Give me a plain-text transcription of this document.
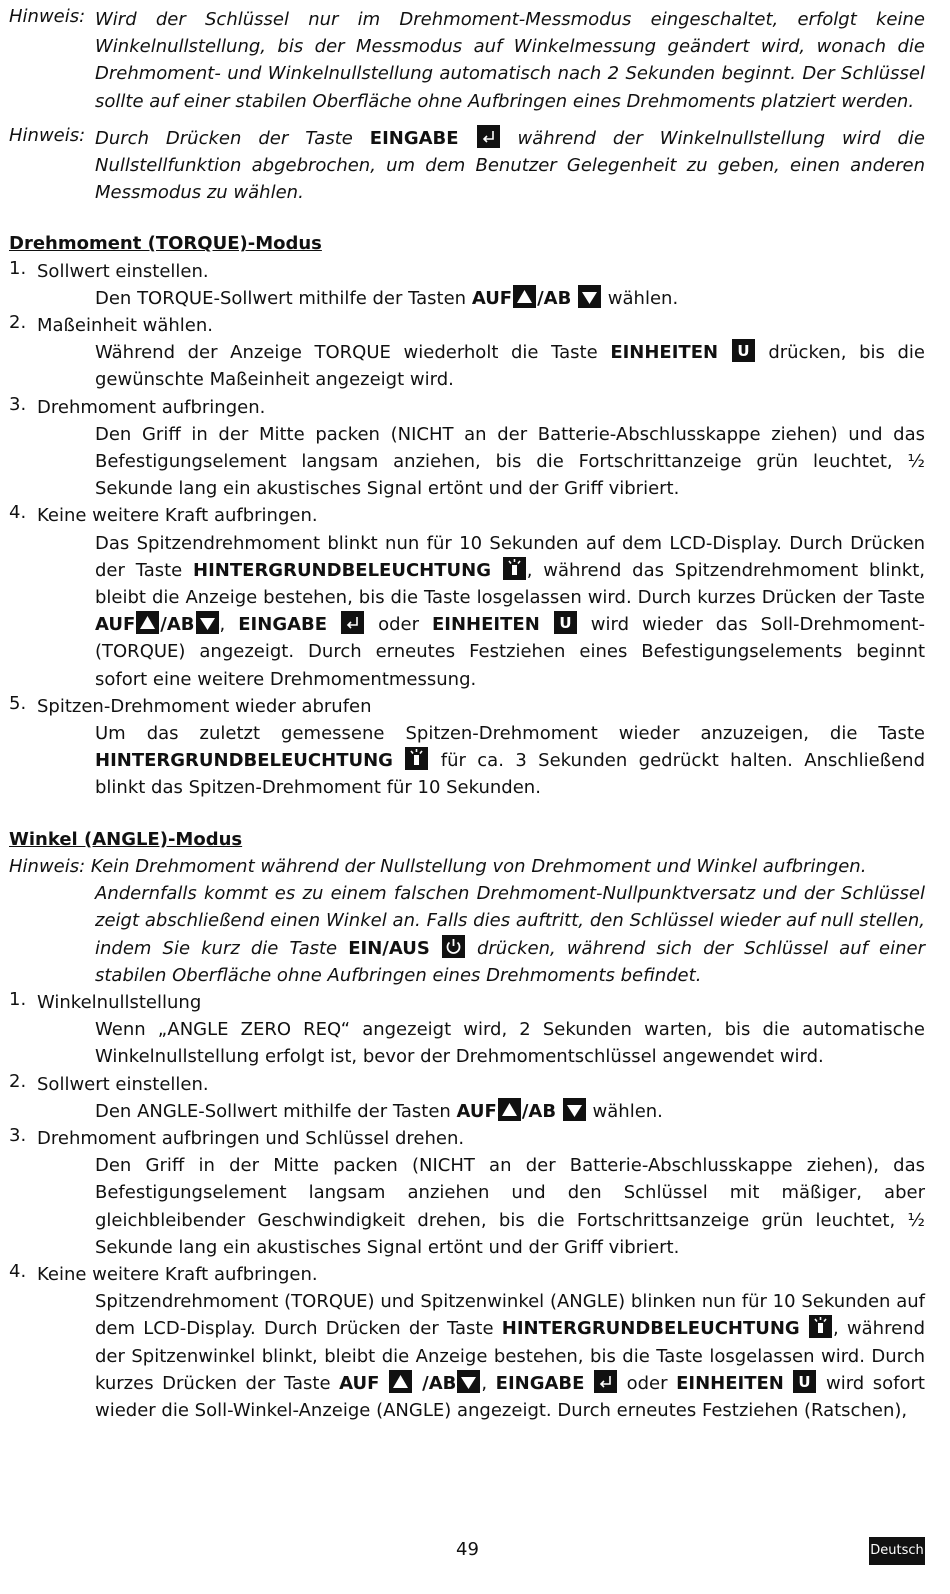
Hinweis: Wird der Schlüssel nur im Drehmoment-Messmodus eingeschaltet, erfolgt keine Winkelnullstellung, bis der Messmodus auf Winkelmessung geändert wird, wonach die Drehmoment- und Winkelnullstellung automatisch nach 2 Sekunden beginnt. Der Schlüssel sollte auf einer stabilen Oberfläche ohne Aufbringen eines Drehmoments platziert werden.

Hinweis: Durch Drücken der Taste EINGABE
während der Winkelnullstellung wird die Nullstellfunktion abgebrochen, um dem Benutzer Gelegenheit zu geben, einen anderen Messmodus zu wählen.

Drehmoment (TORQUE)-Modus

1. Sollwert einstellen.

Den TORQUE-Sollwert mithilfe der Tasten AUF /AB
wählen.

2. Maßeinheit wählen.

Während der Anzeige TORQUE wiederholt die Taste EINHEITEN U drücken, bis die gewünschte Maßeinheit angezeigt wird.

3. Drehmoment aufbringen.

Den Griff in der Mitte packen (NICHT an der Batterie-Abschlusskappe ziehen) und das Befestigungselement langsam anziehen, bis die Fortschrittanzeige grün leuchtet, ½ Sekunde lang ein akustisches Signal ertönt und der Griff vibriert.

4. Keine weitere Kraft aufbringen.

Das Spitzendrehmoment blinkt nun für 10 Sekunden auf dem LCD-Display. Durch Drücken der Taste HINTERGRUNDBELEUCHTUNG , während das Spitzendrehmoment blinkt, bleibt die Anzeige bestehen, bis die Taste losgelassen wird. Durch kurzes Drücken der Taste AUF /AB , EINGABE
oder EINHEITEN U wird wieder das Soll-Drehmoment-(TORQUE) angezeigt. Durch erneutes Festziehen eines Befestigungselements beginnt sofort eine weitere Drehmomentmessung.

5. Spitzen-Drehmoment wieder abrufen

Um das zuletzt gemessene Spitzen-Drehmoment wieder anzuzeigen, die Taste HINTERGRUNDBELEUCHTUNG
für ca. 3 Sekunden gedrückt halten. Anschließend blinkt das Spitzen-Drehmoment für 10 Sekunden.

Winkel (ANGLE)-Modus

Hinweis: Kein Drehmoment während der Nullstellung von Drehmoment und Winkel aufbringen.

Andernfalls kommt es zu einem falschen Drehmoment-Nullpunktversatz und der Schlüssel zeigt abschließend einen Winkel an. Falls dies auftritt, den Schlüssel wieder auf null stellen, indem Sie kurz die Taste EIN/AUS
drücken, während sich der Schlüssel auf einer stabilen Oberfläche ohne Aufbringen eines Drehmoments befindet.

1. Winkelnullstellung

Wenn „ANGLE ZERO REQ“ angezeigt wird, 2 Sekunden warten, bis die automatische Winkelnullstellung erfolgt ist, bevor der Drehmomentschlüssel angewendet wird.

2. Sollwert einstellen.

Den ANGLE-Sollwert mithilfe der Tasten AUF /AB
wählen.

3. Drehmoment aufbringen und Schlüssel drehen.

Den Griff in der Mitte packen (NICHT an der Batterie-Abschlusskappe ziehen), das Befestigungselement langsam anziehen und den Schlüssel mit mäßiger, aber gleichbleibender Geschwindigkeit drehen, bis die Fortschrittsanzeige grün leuchtet, ½ Sekunde lang ein akustisches Signal ertönt und der Griff vibriert.

4. Keine weitere Kraft aufbringen.

Spitzendrehmoment (TORQUE) und Spitzenwinkel (ANGLE) blinken nun für 10 Sekunden auf dem LCD-Display. Durch Drücken der Taste HINTERGRUNDBELEUCHTUNG , während der Spitzenwinkel blinkt, bleibt die Anzeige bestehen, bis die Taste losgelassen wird. Durch kurzes Drücken der Taste AUF
/AB , EINGABE
oder EINHEITEN U wird sofort wieder die Soll-Winkel-Anzeige (ANGLE) angezeigt. Durch erneutes Festziehen (Ratschen),

49	Deutsch
